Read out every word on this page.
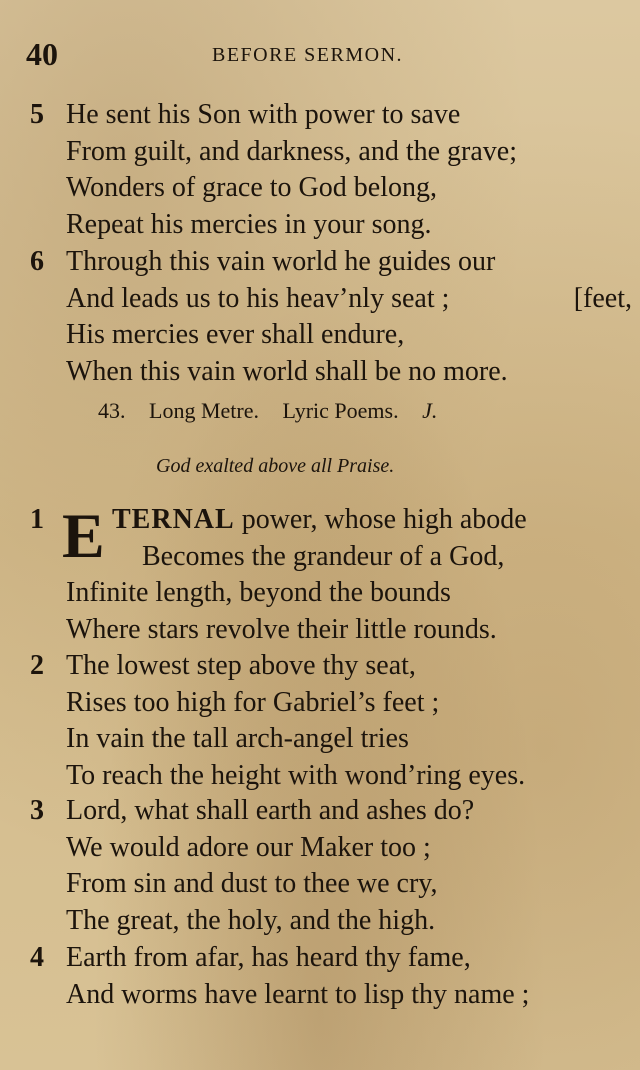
40	BEFORE SERMON.
5 He sent his Son with power to save
From guilt, and darkness, and the grave;
Wonders of grace to God belong,
Repeat his mercies in your song.
6 Through this vain world he guides our
And leads us to his heav’nly seat ;	[feet,
His mercies ever shall endure,
When this vain world shall be no more.
43. Long Metre. Lyric Poems. J.
God exalted above all Praise.
E
1 TERNAL power, whose high abode
Becomes the grandeur of a God,
Infinite length, beyond the bounds
Where stars revolve their little rounds.
2 The lowest step above thy seat,
Rises too high for Gabriel’s feet ;
In vain the tall arch-angel tries
To reach the height with wond’ring eyes.
3 Lord, what shall earth and ashes do?
We would adore our Maker too ;
From sin and dust to thee we cry,
The great, the holy, and the high.
4 Earth from afar, has heard thy fame,
And worms have learnt to lisp thy name ;
